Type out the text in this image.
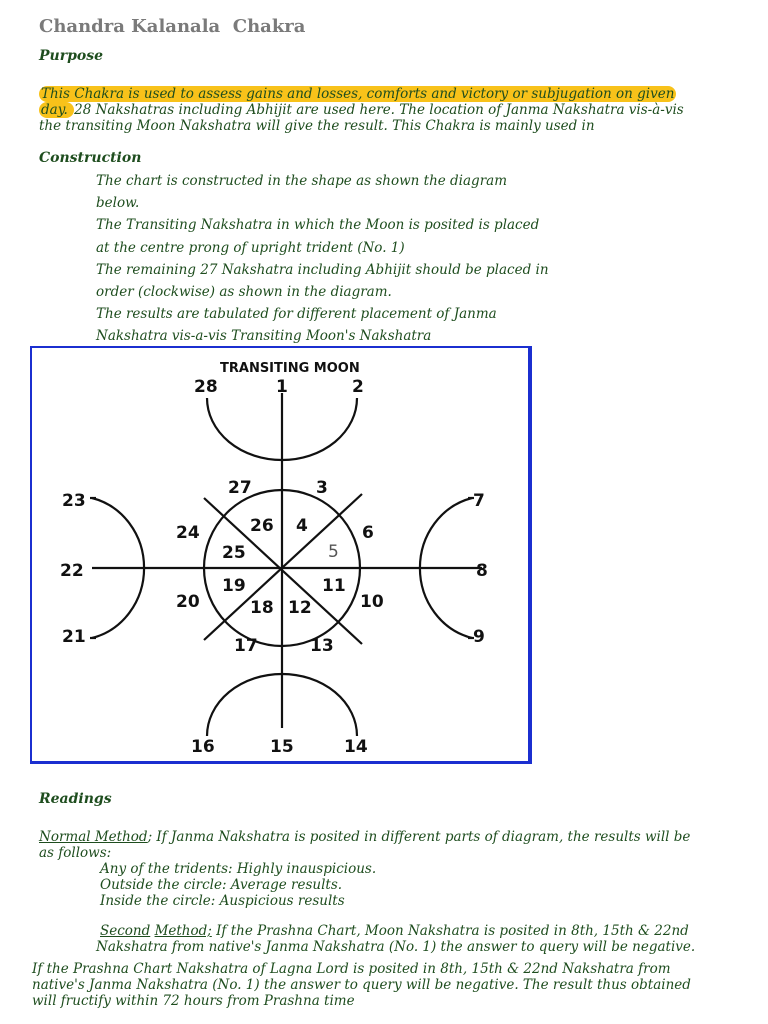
Chandra Kalanala  Chakra
Purpose
This Chakra is used to assess gains and losses, comforts and victory or subjugation on given
day. 28 Nakshatras including Abhijit are used here. The location of Janma Nakshatra vis-à-vis
the transiting Moon Nakshatra will give the result. This Chakra is mainly used in
Construction
The chart is constructed in the shape as shown the diagram
below.
The Transiting Nakshatra in which the Moon is posited is placed
at the centre prong of upright trident (No. 1)
The remaining 27 Nakshatra including Abhijit should be placed in
order (clockwise) as shown in the diagram.
The results are tabulated for different placement of Janma
Nakshatra vis-a-vis Transiting Moon's Nakshatra
TRANSITING MOON
28	1	2
27	3
23	7
24	26 4	6
25	5
22	8
19	11
20	18 12	10
21	9
17	13
16	15	14
Readings
Normal Method; If Janma Nakshatra is posited in different parts of diagram, the results will be
as follows:
Any of the tridents: Highly inauspicious.
Outside the circle: Average results.
Inside the circle: Auspicious results
Second Method; If the Prashna Chart, Moon Nakshatra is posited in 8th, 15th & 22nd
Nakshatra from native's Janma Nakshatra (No. 1) the answer to query will be negative.
If the Prashna Chart Nakshatra of Lagna Lord is posited in 8th, 15th & 22nd Nakshatra from
native's Janma Nakshatra (No. 1) the answer to query will be negative. The result thus obtained
will fructify within 72 hours from Prashna time
